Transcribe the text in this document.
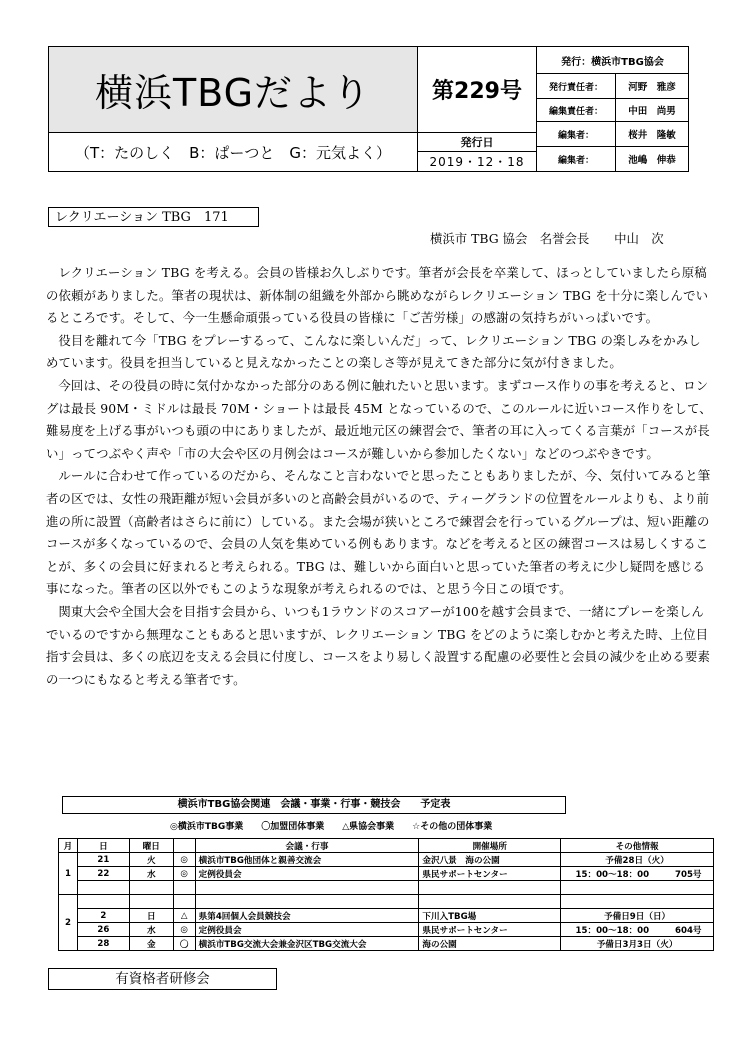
横浜TBGだより
（T：たのしく　B：ぱーつと　G：元気よく）
第229号
発行日
2019・12・18
発行：横浜市TBG協会
発行責任者：	河野　雅彦
編集責任者：	中田　尚男
編集者：	桜井　隆敏
編集者：	池嶋　伸恭
レクリエーション TBG　171
横浜市 TBG 協会　名誉会長　　中山　次

レクリエーション TBG を考える。会員の皆様お久しぶりです。筆者が会長を卒業して、ほっとしていましたら原稿の依頼がありました。筆者の現状は、新体制の組織を外部から眺めながらレクリエーション TBG を十分に楽しんでいるところです。そして、今一生懸命頑張っている役員の皆様に「ご苦労様」の感謝の気持ちがいっぱいです。

役目を離れて今「TBG をプレーするって、こんなに楽しいんだ」って、レクリエーション TBG の楽しみをかみしめています。役員を担当していると見えなかったことの楽しさ等が見えてきた部分に気が付きました。

今回は、その役員の時に気付かなかった部分のある例に触れたいと思います。まずコース作りの事を考えると、ロングは最長 90M・ミドルは最長 70M・ショートは最長 45M となっているので、このルールに近いコース作りをして、難易度を上げる事がいつも頭の中にありましたが、最近地元区の練習会で、筆者の耳に入ってくる言葉が「コースが長い」ってつぶやく声や「市の大会や区の月例会はコースが難しいから参加したくない」などのつぶやきです。

ルールに合わせて作っているのだから、そんなこと言わないでと思ったこともありましたが、今、気付いてみると筆者の区では、女性の飛距離が短い会員が多いのと高齢会員がいるので、ティーグランドの位置をルールよりも、より前進の所に設置（高齢者はさらに前に）している。また会場が狭いところで練習会を行っているグループは、短い距離のコースが多くなっているので、会員の人気を集めている例もあります。などを考えると区の練習コースは易しくすることが、多くの会員に好まれると考えられる。TBG は、難しいから面白いと思っていた筆者の考えに少し疑問を感じる事になった。筆者の区以外でもこのような現象が考えられるのでは、と思う今日この頃です。

関東大会や全国大会を目指す会員から、いつも1ラウンドのスコアーが100を越す会員まで、一緒にプレーを楽しんでいるのですから無理なこともあると思いますが、レクリエーション TBG をどのように楽しむかと考えた時、上位目指す会員は、多くの底辺を支える会員に付度し、コースをより易しく設置する配慮の必要性と会員の減少を止める要素の一つにもなると考える筆者です。

横浜市TBG協会関連　会議・事業・行事・競技会　　予定表
◎横浜市TBG事業　　〇加盟団体事業　　△県協会事業　　☆その他の団体事業
月	日	曜日		会議・行事	開催場所	その他情報	
1	21	火	◎	横浜市TBG他団体と親善交流会	金沢八景　海の公園	予備28日（火）	
	22	水	◎	定例役員会	県民サポートセンター	15：00～18：00	705号

2							
	2	日	△	県第4回個人会員競技会	下川入TBG場	予備日9日（日）	
	26	水	◎	定例役員会	県民サポートセンター	15：00～18：00	604号
	28	金	〇	横浜市TBG交流大会兼金沢区TBG交流大会	海の公園	予備日3月3日（火）	
有資格者研修会
